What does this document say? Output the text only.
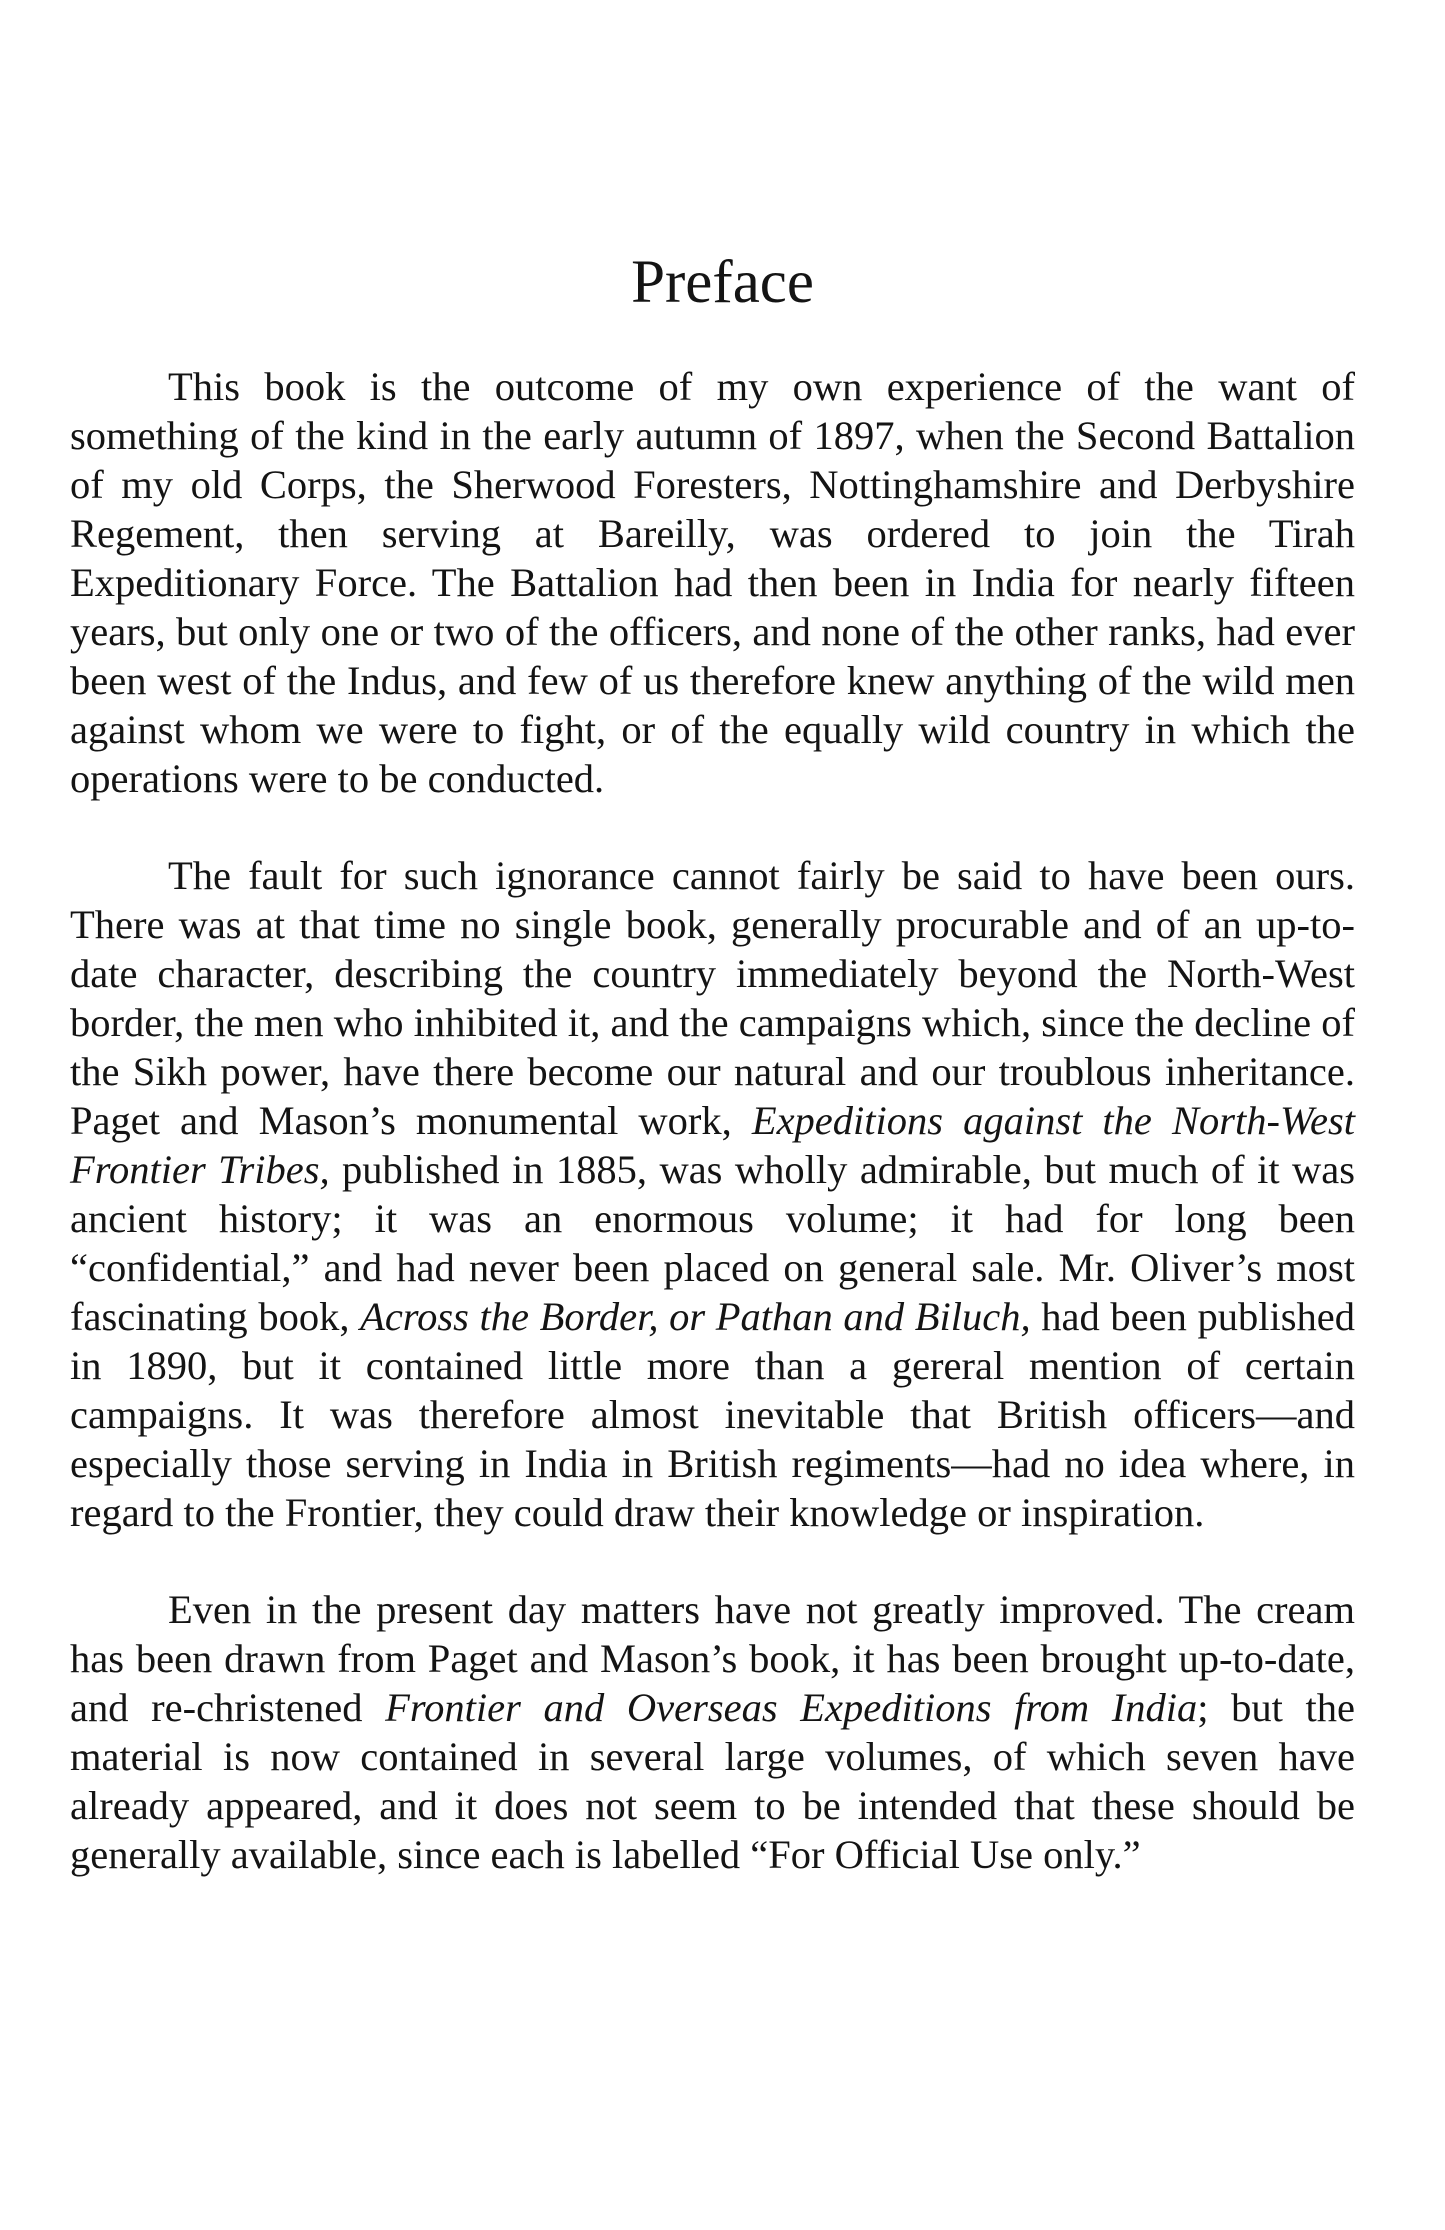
Preface

This book is the outcome of my own experience of the want of something of the kind in the early autumn of 1897, when the Second Battalion of my old Corps, the Sherwood Foresters, Nottinghamshire and Derbyshire Regement, then serving at Bareilly, was ordered to join the Tirah Expeditionary Force. The Battalion had then been in India for nearly fifteen years, but only one or two of the officers, and none of the other ranks, had ever been west of the Indus, and few of us therefore knew anything of the wild men against whom we were to fight, or of the equally wild country in which the operations were to be conducted.

The fault for such ignorance cannot fairly be said to have been ours. There was at that time no single book, generally procurable and of an up-to-date character, describing the country immediately beyond the North-West border, the men who inhibited it, and the campaigns which, since the decline of the Sikh power, have there become our natural and our troublous inheritance. Paget and Mason’s monumental work, Expeditions against the North-West Frontier Tribes, published in 1885, was wholly admirable, but much of it was ancient history; it was an enormous volume; it had for long been “confidential,” and had never been placed on general sale. Mr. Oliver’s most fascinating book, Across the Border, or Pathan and Biluch, had been published in 1890, but it contained little more than a gereral mention of certain campaigns. It was therefore almost inevitable that British officers—and especially those serving in India in British regiments—had no idea where, in regard to the Frontier, they could draw their knowledge or inspiration.

Even in the present day matters have not greatly improved. The cream has been drawn from Paget and Mason’s book, it has been brought up-to-date, and re-christened Frontier and Overseas Expeditions from India; but the material is now contained in several large volumes, of which seven have already appeared, and it does not seem to be intended that these should be generally available, since each is labelled “For Official Use only.”
